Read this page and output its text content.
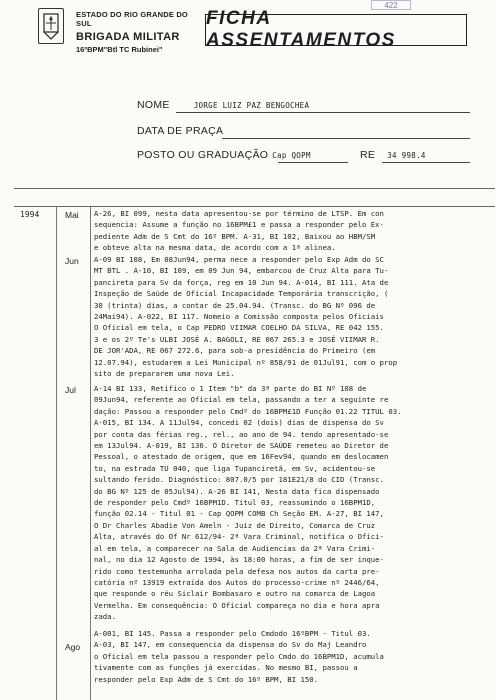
422
ESTADO DO RIO GRANDE DO SUL
BRIGADA MILITAR
16ºBPM"Btl TC Rubinei"
FICHA ASSENTAMENTOS
NOME	JORGE LUIZ PAZ BENGOCHEA
DATA DE PRAÇA
POSTO OU GRADUAÇÃO Cap QOPM	RE 34 998.4
1994	Mai A-26, BI 099, nesta data apresentou-se por término de LTSP. Em con
sequencia: Assume a função no 16BPM£1 e passa a responder pelo Ex-
pediente Adm de S Cmt do 16º BPM. A-31, BI 102, Baixou ao HBM/SM
e obteve alta na mesma data, de acordo com a 1ª alinea.
Jun A-09 BI 108, Em 08Jun94, perma nece a responder pelo Exp Adm do SC
MT BTL . A-10, BI 109, em 09 Jun 94, embarcou de Cruz Alta para Tu-
pancireta para Sv da força, reg em 10 Jun 94. A-014, BI 111. Ata de
Inspeção de Saúde de Oficial Incapacidade Temporária transcrição, (
30 (trinta) dias, a contar de 25.04.94. (Transc. do BG Nº 096 de
24Mai94). A-022, BI 117. Nomeio a Comissão composta pelos Oficiais
O Oficial em tela, o Cap PEDRO VIIMAR COELHO DA SILVA, RE 042 155.
3 e os 2º Te's ULBI JOSÉ A. BAGOLI, RE 067 265.3 e JOSÉ VIIMAR R.
DE JOR'ADA, RE 067 272.6, para sob-a presidência do Primeiro (em
12.07.94), estudarem a Lei Municipal nº 858/91 de 01Jul91, com o prop
sito de prepararem uma nova Lei.
Jul A-14 BI 133, Retifico o 1 Item "b" da 3ª parte do BI Nº 108 de
09Jun94, referente ao Oficial em tela, passando a ter a seguinte re
dação: Passou a responder pelo Cmdº do 16BPM£1D Função 01.22 TITUL 03.
A-015, BI 134. A 11Jul94, concedi 02 (dois) dias de dispensa do Sv
por conta das férias reg., rel., ao ano de 94. tendo apresentado-se
em 13Jul94. A-019, BI 136. O Diretor de SAÚDE remeteu ao Diretor de
Pessoal, o atestado de origem, que em 16Fev94, quando em deslocamen
to, na estrada TU 040, que liga Tupanciretã, em Sv, acidentou-se
sultando ferido. Diagnóstico: 807.0/5 por 181E21/8 do CID (Transc.
do BG Nº 125 de 05Jul94). A-26 BI 141, Nesta data fica dispensado
de responder pelo Cmdº 16BPM1D. Titul 03, reassumindo o 16BPM1D,
função 02.14 - Titul 01 - Cap QOPM COMB Ch Seção EM. A-27, BI 147,
O Dr Charles Abadie Von Ameln - Juiz de Direito, Comarca de Cruz
Alta, através do Of Nr 612/94- 2ª Vara Criminal, notifica o Ofici-
al em tela, a comparecer na Sala de Audiencias da 2ª Vara Crimi-
nal, no dia 12 Agosto de 1994, às 18:00 horas, a fim de ser inque-
rido como testemunha arrolada pela defesa nos autos da carta pre-
catória nº 13919 extraída dos Autos do processo-crime nº 2446/64,
que responde o réu Siclair Bombasaro e outro na comarca de Lagoa
Vermelha. Em consequência: O Oficial compareça no dia e hora apra
zada.
Ago
A-001, BI 145. Passa a responder pelo Cmdodo 16ºBPM - Titul 03.
A-03, BI 147, em consequencia da dispensa do Sv do Maj Leandro
o Oficial em tela passou a responder pelo Cmdo do 16BPM1D, acumula
tivamente com as funções já exercidas. No mesmo BI, passou a
responder pelo Exp Adm de S Cmt do 16º BPM, BI 150.
